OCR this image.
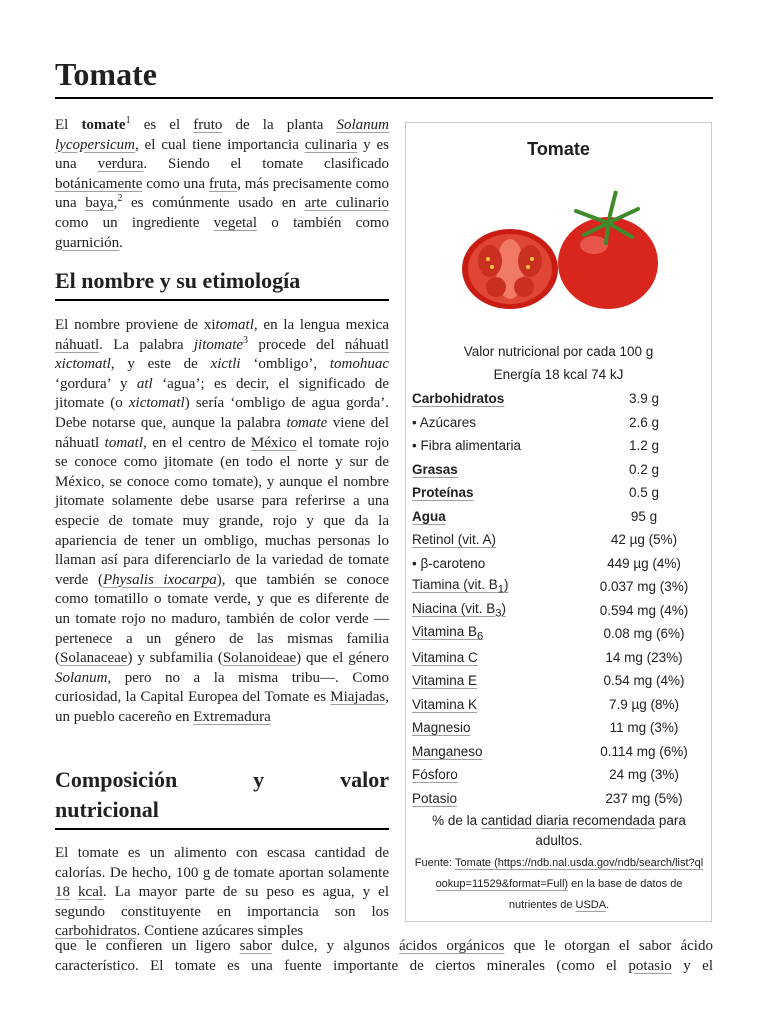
Tomate

El tomate$^1$ es el fruto de la planta Solanum lycopersicum, el cual tiene importancia culinaria y es una verdura. Siendo el tomate clasificado botánicamente como una fruta, más precisamente como una baya,$^2$ es comúnmente usado en arte culinario como un ingrediente vegetal o también como guarnición.

El nombre y su etimología

El nombre proviene de xitomatl, en la lengua mexica náhuatl. La palabra jitomate$^3$ procede del náhuatl xictomatl, y este de xictli ‘ombligo’, tomohuac ‘gordura’ y atl ‘agua’; es decir, el significado de jitomate (o xictomatl) sería ‘ombligo de agua gorda’. Debe notarse que, aunque la palabra tomate viene del náhuatl tomatl, en el centro de México el tomate rojo se conoce como jitomate (en todo el norte y sur de México, se conoce como tomate), y aunque el nombre jitomate solamente debe usarse para referirse a una especie de tomate muy grande, rojo y que da la apariencia de tener un ombligo, muchas personas lo llaman así para diferenciarlo de la variedad de tomate verde (Physalis ixocarpa), que también se conoce como tomatillo o tomate verde, y que es diferente de un tomate rojo no maduro, también de color verde —pertenece a un género de las mismas familia (Solanaceae) y subfamilia (Solanoideae) que el género Solanum, pero no a la misma tribu—. Como curiosidad, la Capital Europea del Tomate es Miajadas, un pueblo cacereño en Extremadura

Composición	y	valor
nutricional

El tomate es un alimento con escasa cantidad de calorías. De hecho, 100 g de tomate aportan solamente 18 kcal. La mayor parte de su peso es agua, y el segundo constituyente en importancia son los carbohidratos. Contiene azúcares simples

que le confieren un ligero sabor dulce, y algunos ácidos orgánicos que le otorgan el sabor ácido
característico. El tomate es una fuente importante de ciertos minerales (como el potasio y el
Tomate
Valor nutricional por cada 100 g
Energía 18 kcal 74 kJ
Carbohidratos	3.9 g
• Azúcares	2.6 g
• Fibra alimentaria	1.2 g
Grasas	0.2 g
Proteínas	0.5 g
Agua	95 g
Retinol (vit. A)	42 µg (5%)
• β-caroteno	449 µg (4%)
Tiamina (vit. $B_1$)	0.037 mg (3%)
Niacina (vit. $B_3$)	0.594 mg (4%)
Vitamina $B_6$	0.08 mg (6%)
Vitamina C	14 mg (23%)
Vitamina E	0.54 mg (4%)
Vitamina K	7.9 µg (8%)
Magnesio	11 mg (3%)
Manganeso	0.114 mg (6%)
Fósforo	24 mg (3%)
Potasio	237 mg (5%)
% de la cantidad diaria recomendada para adultos.
Fuente: Tomate (https://ndb.nal.usda.gov/ndb/search/list?qlookup=11529&format=Full) en la base de datos de nutrientes de USDA.
